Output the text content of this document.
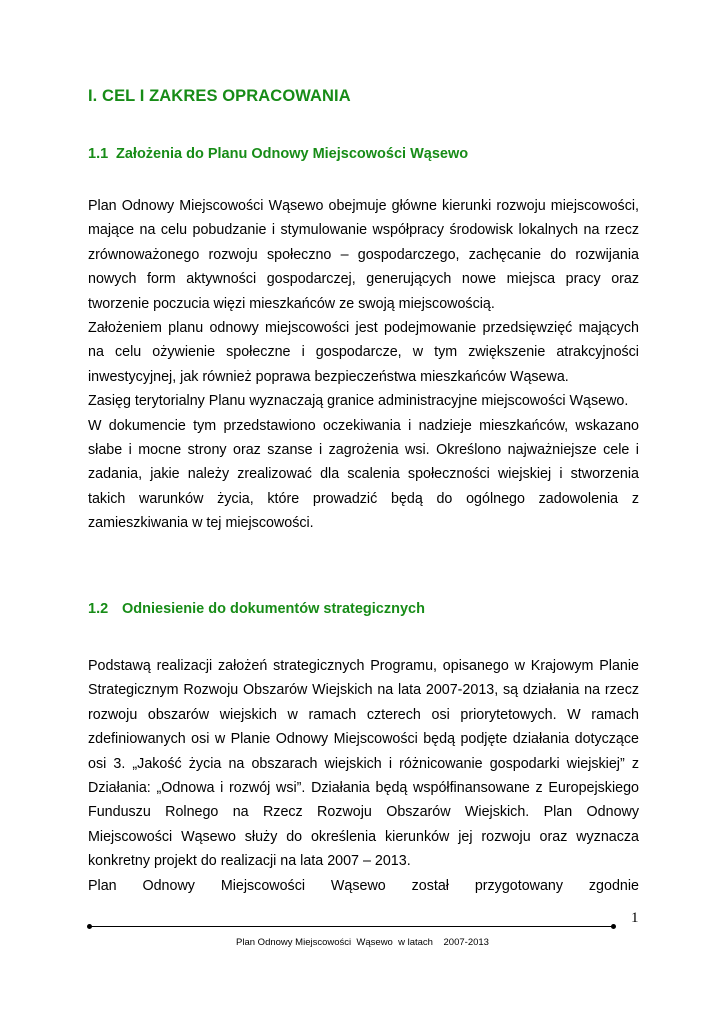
I. CEL I ZAKRES OPRACOWANIA
1.1 Założenia do Planu Odnowy Miejscowości Wąsewo

Plan Odnowy Miejscowości Wąsewo obejmuje główne kierunki rozwoju miejscowości, mające na celu pobudzanie i stymulowanie współpracy środowisk lokalnych na rzecz zrównoważonego rozwoju społeczno – gospodarczego, zachęcanie do rozwijania nowych form aktywności gospodarczej, generujących nowe miejsca pracy oraz tworzenie poczucia więzi mieszkańców ze swoją miejscowością.

Założeniem planu odnowy miejscowości jest podejmowanie przedsięwzięć mających na celu ożywienie społeczne i gospodarcze, w tym zwiększenie atrakcyjności inwestycyjnej, jak również poprawa bezpieczeństwa mieszkańców Wąsewa.

Zasięg terytorialny Planu wyznaczają granice administracyjne miejscowości Wąsewo.

W dokumencie tym przedstawiono oczekiwania i nadzieje mieszkańców, wskazano słabe i mocne strony oraz szanse i zagrożenia wsi. Określono najważniejsze cele i zadania, jakie należy zrealizować dla scalenia społeczności wiejskiej i stworzenia takich warunków życia, które prowadzić będą do ogólnego zadowolenia z zamieszkiwania w tej miejscowości.

1.2 Odniesienie do dokumentów strategicznych

Podstawą realizacji założeń strategicznych Programu, opisanego w Krajowym Planie Strategicznym Rozwoju Obszarów Wiejskich na lata 2007-2013, są działania na rzecz rozwoju obszarów wiejskich w ramach czterech osi priorytetowych. W ramach zdefiniowanych osi w Planie Odnowy Miejscowości będą podjęte działania dotyczące osi 3. „Jakość życia na obszarach wiejskich i różnicowanie gospodarki wiejskiej” z Działania: „Odnowa i rozwój wsi”. Działania będą współfinansowane z Europejskiego Funduszu Rolnego na Rzecz Rozwoju Obszarów Wiejskich. Plan Odnowy Miejscowości Wąsewo służy do określenia kierunków jej rozwoju oraz wyznacza konkretny projekt do realizacji na lata 2007 – 2013.

Plan Odnowy Miejscowości Wąsewo został przygotowany zgodnie

1
Plan Odnowy Miejscowości  Wąsewo  w latach    2007-2013
